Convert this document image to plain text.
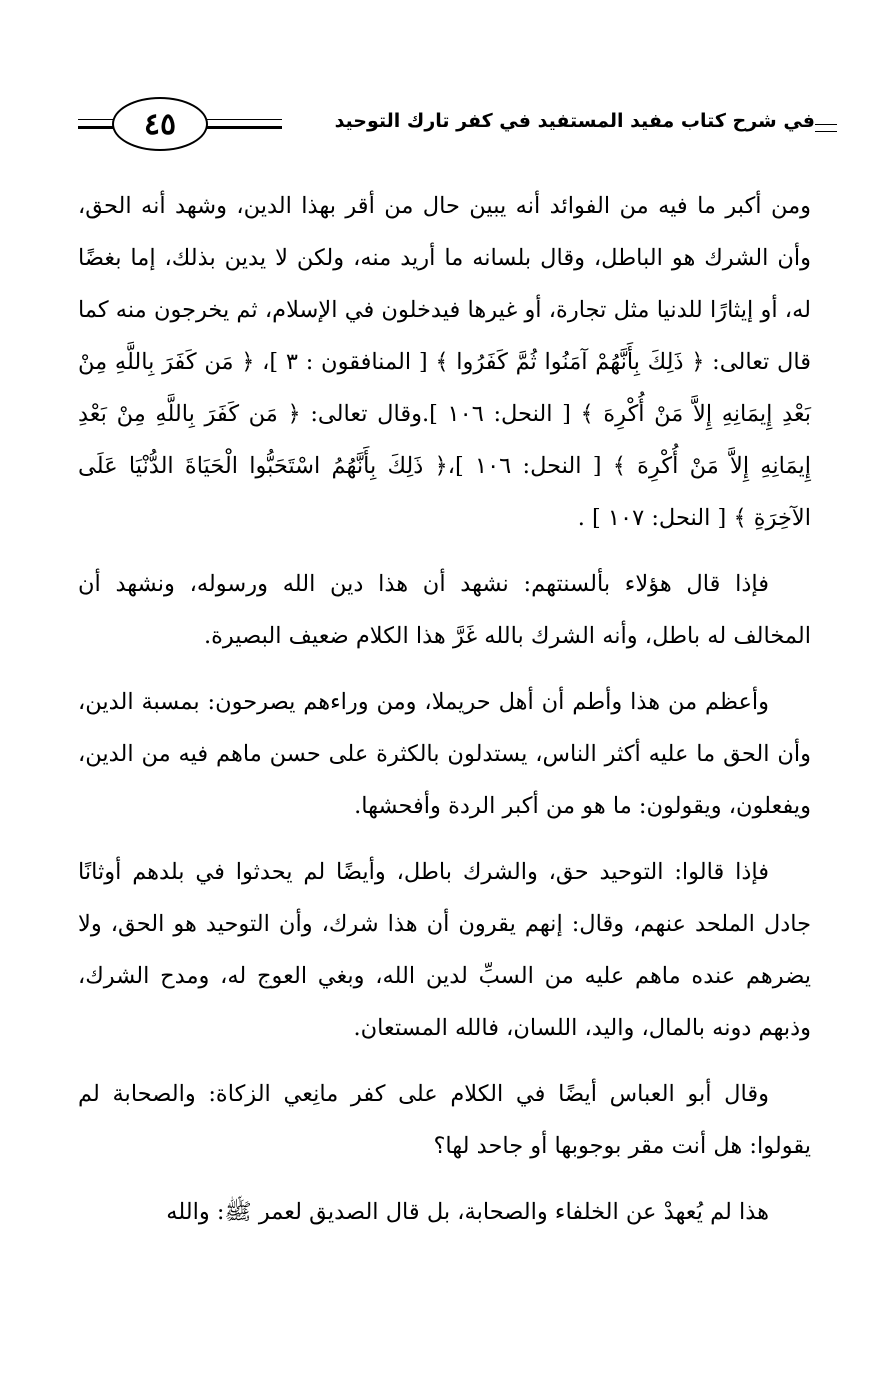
٤٥	في شرح كتاب مفيد المستفيد في كفر تارك التوحيد

ومن أكبر ما فيه من الفوائد أنه يبين حال من أقر بهذا الدين، وشهد أنه الحق، وأن الشرك هو الباطل، وقال بلسانه ما أريد منه، ولكن لا يدين بذلك، إما بغضًا له، أو إيثارًا للدنيا مثل تجارة، أو غيرها فيدخلون في الإسلام، ثم يخرجون منه كما قال تعالى: ﴿ ذَلِكَ بِأَنَّهُمْ آمَنُوا ثُمَّ كَفَرُوا ﴾ [ المنافقون : ٣ ]، ﴿ مَن كَفَرَ بِاللَّهِ مِنْ بَعْدِ إِيمَانِهِ إِلاَّ مَنْ أُكْرِهَ ﴾ [ النحل: ١٠٦ ].وقال تعالى: ﴿ مَن كَفَرَ بِاللَّهِ مِنْ بَعْدِ إِيمَانِهِ إِلاَّ مَنْ أُكْرِهَ ﴾ [ النحل: ١٠٦ ]،﴿ ذَلِكَ بِأَنَّهُمُ اسْتَحَبُّوا الْحَيَاةَ الدُّنْيَا عَلَى الآخِرَةِ ﴾ [ النحل: ١٠٧ ] .

فإذا قال هؤلاء بألسنتهم: نشهد أن هذا دين الله ورسوله، ونشهد أن المخالف له باطل، وأنه الشرك بالله غَرَّ هذا الكلام ضعيف البصيرة.

وأعظم من هذا وأطم أن أهل حريملا، ومن وراءهم يصرحون: بمسبة الدين، وأن الحق ما عليه أكثر الناس، يستدلون بالكثرة على حسن ماهم فيه من الدين، ويفعلون، ويقولون: ما هو من أكبر الردة وأفحشها.

فإذا قالوا: التوحيد حق، والشرك باطل، وأيضًا لم يحدثوا في بلدهم أوثانًا جادل الملحد عنهم، وقال: إنهم يقرون أن هذا شرك، وأن التوحيد هو الحق، ولا يضرهم عنده ماهم عليه من السبِّ لدين الله، وبغي العوج له، ومدح الشرك، وذبهم دونه بالمال، واليد، اللسان، فالله المستعان.

وقال أبو العباس أيضًا في الكلام على كفر مانِعي الزكاة: والصحابة لم يقولوا: هل أنت مقر بوجوبها أو جاحد لها؟

هذا لم يُعهدْ عن الخلفاء والصحابة، بل قال الصديق لعمر ﷺ: والله
